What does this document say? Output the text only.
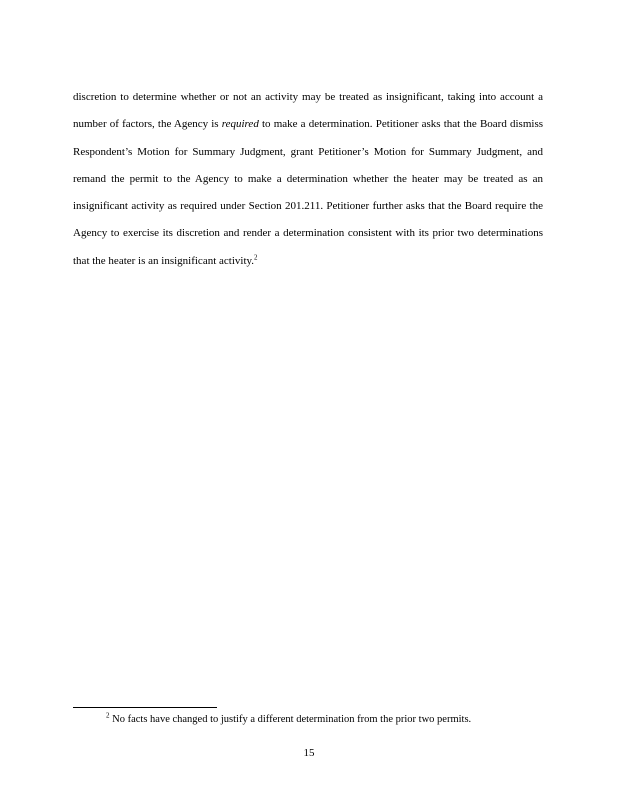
discretion to determine whether or not an activity may be treated as insignificant, taking into account a number of factors, the Agency is required to make a determination. Petitioner asks that the Board dismiss Respondent’s Motion for Summary Judgment, grant Petitioner’s Motion for Summary Judgment, and remand the permit to the Agency to make a determination whether the heater may be treated as an insignificant activity as required under Section 201.211. Petitioner further asks that the Board require the Agency to exercise its discretion and render a determination consistent with its prior two determinations that the heater is an insignificant activity.$^2$

$^2$ No facts have changed to justify a different determination from the prior two permits.

15
